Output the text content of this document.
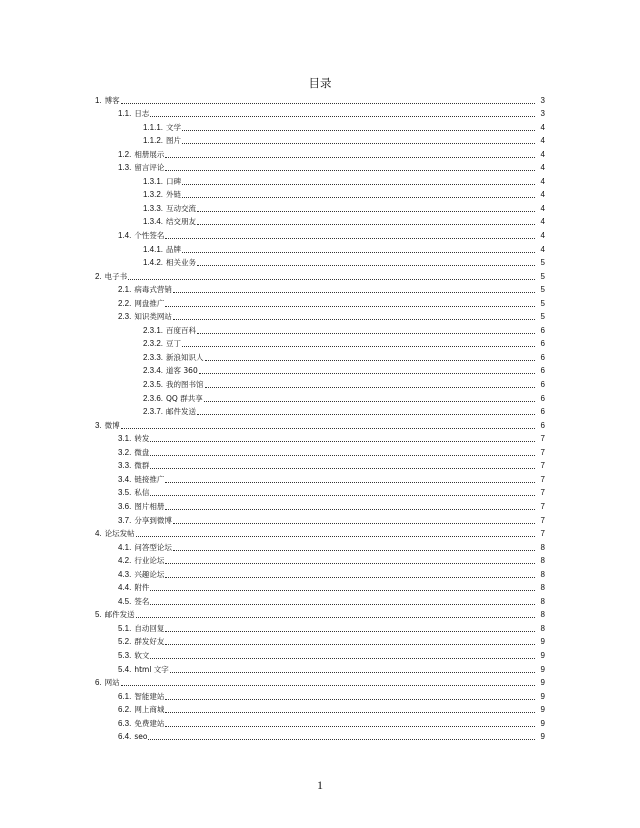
目录
1. 博客	3
1.1. 日志	3
1.1.1. 文学	4
1.1.2. 图片	4
1.2. 相册展示	4
1.3. 留言评论	4
1.3.1. 口碑	4
1.3.2. 外链	4
1.3.3. 互动交流	4
1.3.4. 结交朋友	4
1.4. 个性签名	4
1.4.1. 品牌	4
1.4.2. 相关业务	5
2. 电子书	5
2.1. 病毒式营销	5
2.2. 网盘推广	5
2.3. 知识类网站	5
2.3.1. 百度百科	6
2.3.2. 豆丁	6
2.3.3. 新浪知识人	6
2.3.4. 道客 360	6
2.3.5. 我的图书馆	6
2.3.6. QQ 群共享	6
2.3.7. 邮件发送	6
3. 微博	6
3.1. 转发	7
3.2. 微盘	7
3.3. 微群	7
3.4. 链接推广	7
3.5. 私信	7
3.6. 图片相册	7
3.7. 分享到微博	7
4. 论坛发帖	7
4.1. 问答型论坛	8
4.2. 行业论坛	8
4.3. 兴趣论坛	8
4.4. 附件	8
4.5. 签名	8
5. 邮件发送	8
5.1. 自动回复	8
5.2. 群发好友	9
5.3. 软文	9
5.4. html 文字	9
6. 网站	9
6.1. 智能建站	9
6.2. 网上商城	9
6.3. 免费建站	9
6.4. seo	9
1
